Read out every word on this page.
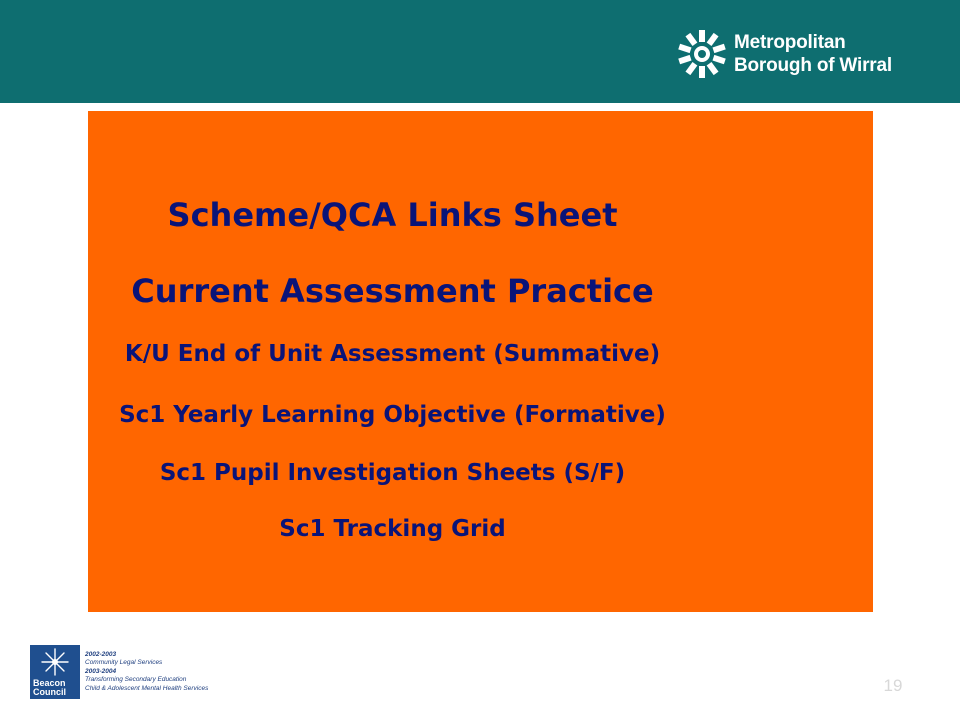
Metropolitan
Borough of Wirral
Scheme/QCA Links Sheet
Current Assessment Practice
K/U End of Unit Assessment (Summative)
Sc1 Yearly Learning Objective (Formative)
Sc1 Pupil Investigation Sheets (S/F)
Sc1 Tracking Grid
Beacon
Council
2002-2003
Community Legal Services
2003-2004
Transforming Secondary Education
Child & Adolescent Mental Health Services	19
